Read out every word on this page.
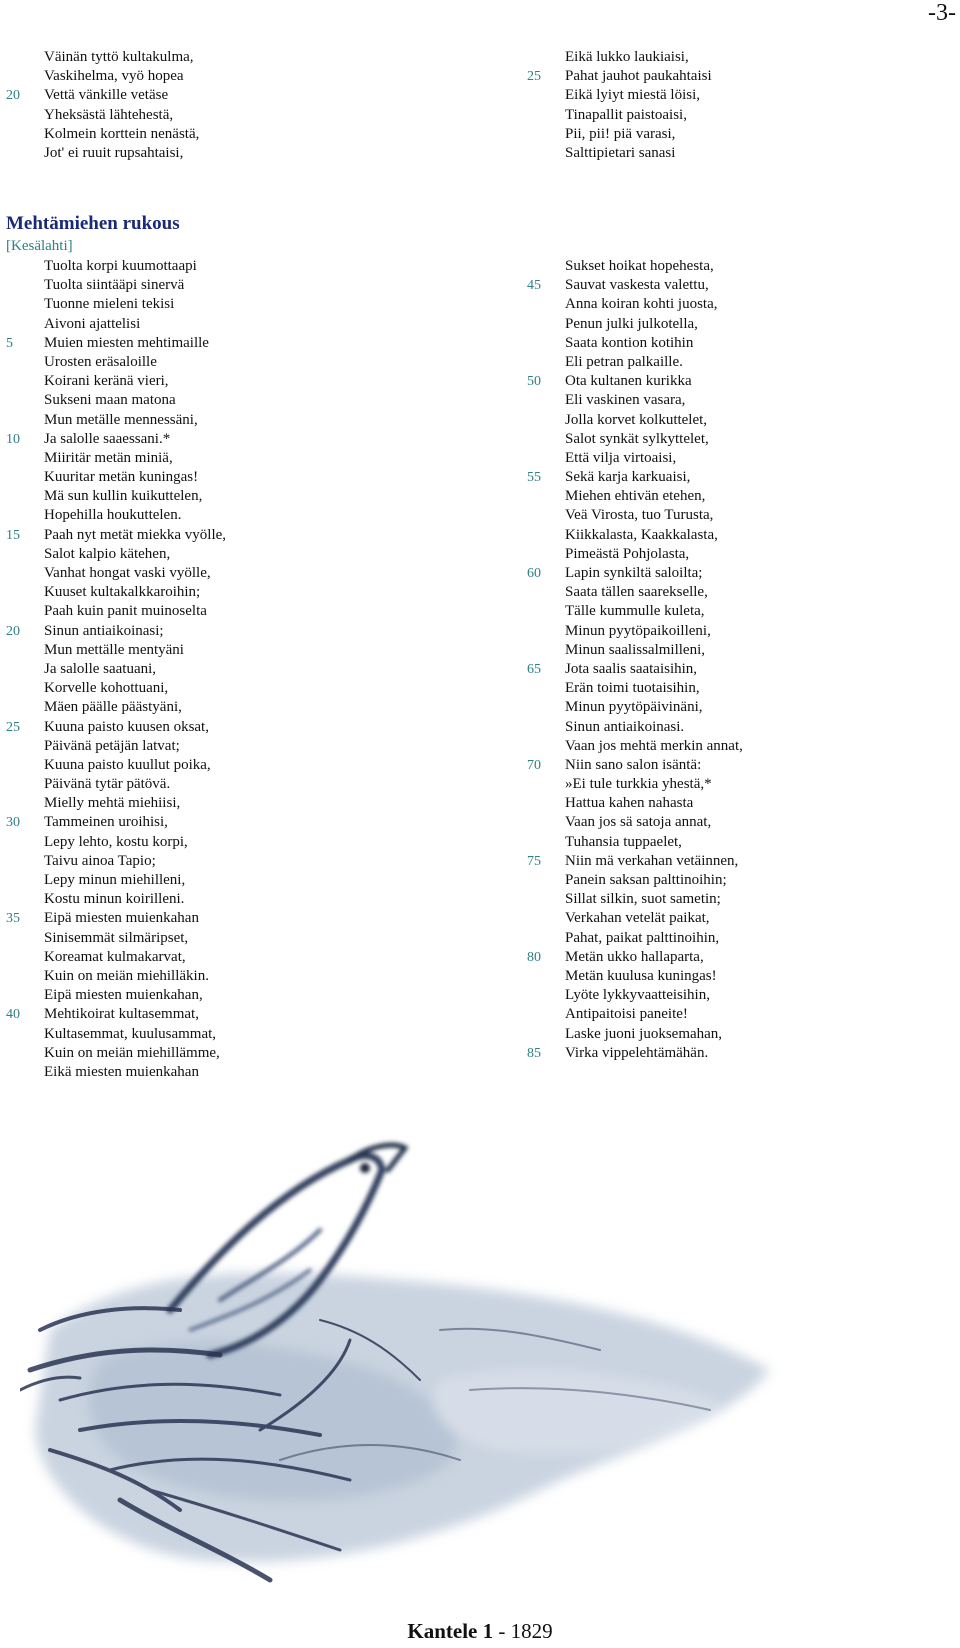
-3-
Väinän tyttö kultakulma,
Vaskihelma, vyö hopea
20	Vettä vänkille vetäse
Yheksästä lähtehestä,
Kolmein korttein nenästä,
Jot' ei ruuit rupsahtaisi,
Eikä lukko laukiaisi,
25	Pahat jauhot paukahtaisi
Eikä lyiyt miestä löisi,
Tinapallit paistoaisi,
Pii, pii! piä varasi,
Salttipietari sanasi
Mehtämiehen rukous
[Kesälahti]
Tuolta korpi kuumottaapi
Tuolta siintääpi sinervä
Tuonne mieleni tekisi
Aivoni ajattelisi
5	Muien miesten mehtimaille
Urosten eräsaloille
Koirani keränä vieri,
Sukseni maan matona
Mun metälle mennessäni,
10	Ja salolle saaessani.*
Miiritär metän miniä,
Kuuritar metän kuningas!
Mä sun kullin kuikuttelen,
Hopehilla houkuttelen.
15	Paah nyt metät miekka vyölle,
Salot kalpio kätehen,
Vanhat hongat vaski vyölle,
Kuuset kultakalkkaroihin;
Paah kuin panit muinoselta
20	Sinun antiaikoinasi;
Mun mettälle mentyäni
Ja salolle saatuani,
Korvelle kohottuani,
Mäen päälle päästyäni,
25	Kuuna paisto kuusen oksat,
Päivänä petäjän latvat;
Kuuna paisto kuullut poika,
Päivänä tytär pätövä.
Mielly mehtä miehiisi,
30	Tammeinen uroihisi,
Lepy lehto, kostu korpi,
Taivu ainoa Tapio;
Lepy minun miehilleni,
Kostu minun koirilleni.
35	Eipä miesten muienkahan
Sinisemmät silmäripset,
Koreamat kulmakarvat,
Kuin on meiän miehilläkin.
Eipä miesten muienkahan,
40	Mehtikoirat kultasemmat,
Kultasemmat, kuulusammat,
Kuin on meiän miehillämme,
Eikä miesten muienkahan
Sukset hoikat hopehesta,
45	Sauvat vaskesta valettu,
Anna koiran kohti juosta,
Penun julki julkotella,
Saata kontion kotihin
Eli petran palkaille.
50	Ota kultanen kurikka
Eli vaskinen vasara,
Jolla korvet kolkuttelet,
Salot synkät sylkyttelet,
Että vilja virtoaisi,
55	Sekä karja karkuaisi,
Miehen ehtivän etehen,
Veä Virosta, tuo Turusta,
Kiikkalasta, Kaakkalasta,
Pimeästä Pohjolasta,
60	Lapin synkiltä saloilta;
Saata tällen saarekselle,
Tälle kummulle kuleta,
Minun pyytöpaikoilleni,
Minun saalissalmilleni,
65	Jota saalis saataisihin,
Erän toimi tuotaisihin,
Minun pyytöpäivinäni,
Sinun antiaikoinasi.
Vaan jos mehtä merkin annat,
70	Niin sano salon isäntä:
»Ei tule turkkia yhestä,*
Hattua kahen nahasta
Vaan jos sä satoja annat,
Tuhansia tuppaelet,
75	Niin mä verkahan vetäinnen,
Panein saksan palttinoihin;
Sillat silkin, suot sametin;
Verkahan vetelät paikat,
Pahat, paikat palttinoihin,
80	Metän ukko hallaparta,
Metän kuulusa kuningas!
Lyöte lykkyvaatteisihin,
Antipaitoisi paneite!
Laske juoni juoksemahan,
85	Virka vippelehtämähän.
Kantele 1 - 1829
